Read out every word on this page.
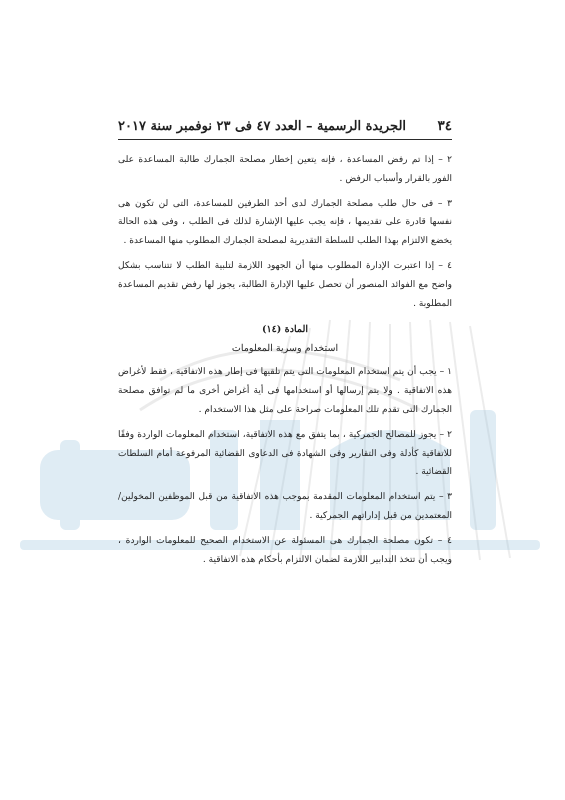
٣٤
الجريدة الرسمية – العدد ٤٧ فى ٢٣ نوفمبر سنة ٢٠١٧

٢ – إذا تم رفض المساعدة ، فإنه يتعين إخطار مصلحة الجمارك طالبة المساعدة على الفور بالقرار وأسباب الرفض .

٣ – فى حال طلب مصلحة الجمارك لدى أحد الطرفين للمساعدة، التى لن تكون هى نفسها قادرة على تقديمها ، فإنه يجب عليها الإشارة لذلك فى الطلب ، وفى هذه الحالة يخضع الالتزام بهذا الطلب للسلطة التقديرية لمصلحة الجمارك المطلوب منها المساعدة .

٤ – إذا اعتبرت الإدارة المطلوب منها أن الجهود اللازمة لتلبية الطلب لا تتناسب بشكل واضح مع الفوائد المنصور أن تحصل عليها الإدارة الطالبة، يجوز لها رفض تقديم المساعدة المطلوبة .

المادة (١٤)
استخدام وسرية المعلومات

١ – يجب أن يتم استخدام المعلومات التى يتم تلقيها فى إطار هذه الاتفاقية ، فقط لأغراض هذه الاتفاقية . ولا يتم إرسالها أو استخدامها فى أية أغراض أخرى ما لم توافق مصلحة الجمارك التى تقدم تلك المعلومات صراحة على مثل هذا الاستخدام .

٢ – يجوز للمصالح الجمركية ، بما يتفق مع هذه الاتفاقية، استخدام المعلومات الواردة وفقًا للاتفاقية كأدلة وفى التقارير وفى الشهادة فى الدعاوى القضائية المرفوعة أمام السلطات القضائية .

٣ – يتم استخدام المعلومات المقدمة بموجب هذه الاتفاقية من قبل الموظفين المخولين/ المعتمدين من قبل إداراتهم الجمركية .

٤ – تكون مصلحة الجمارك هى المسئولة عن الاستخدام الصحيح للمعلومات الواردة ، ويجب أن تتخذ التدابير اللازمة لضمان الالتزام بأحكام هذه الاتفاقية .
